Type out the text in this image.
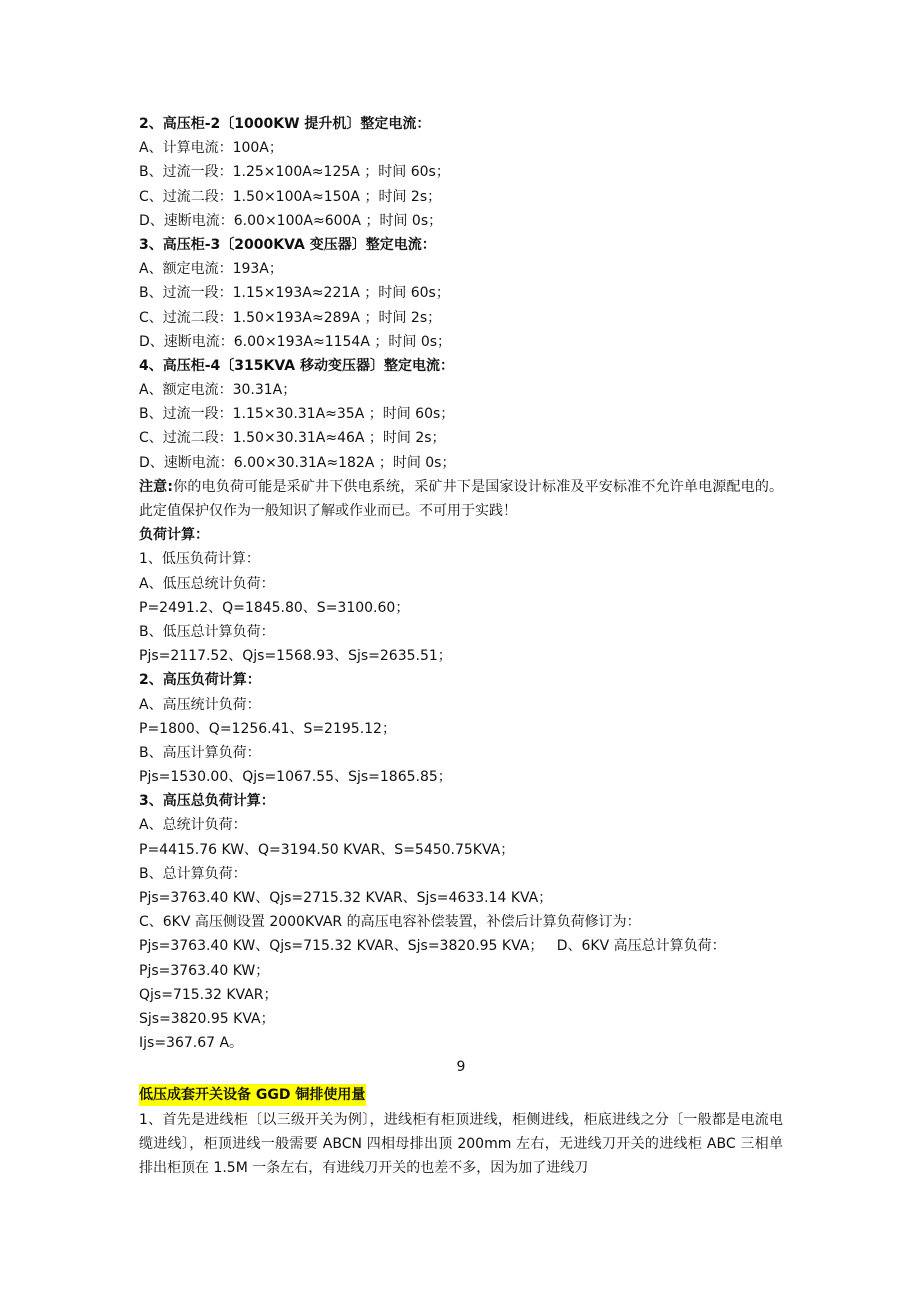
2、高压柜-2〔1000KW 提升机〕整定电流：
A、计算电流：100A；
B、过流一段：1.25×100A≈125A ；时间 60s；
C、过流二段：1.50×100A≈150A ；时间 2s；
D、速断电流：6.00×100A≈600A ；时间 0s；
3、高压柜-3〔2000KVA 变压器〕整定电流：
A、额定电流：193A；
B、过流一段：1.15×193A≈221A ；时间 60s；
C、过流二段：1.50×193A≈289A ；时间 2s；
D、速断电流：6.00×193A≈1154A ；时间 0s；
4、高压柜-4〔315KVA 移动变压器〕整定电流：
A、额定电流：30.31A；
B、过流一段：1.15×30.31A≈35A ；时间 60s；
C、过流二段：1.50×30.31A≈46A ；时间 2s；
D、速断电流：6.00×30.31A≈182A ；时间 0s；
注意:你的电负荷可能是采矿井下供电系统，采矿井下是国家设计标准及平安标准不允许单电源配电的。此定值保护仅作为一般知识了解或作业而已。不可用于实践！
负荷计算：
1、低压负荷计算：
A、低压总统计负荷：
P=2491.2、Q=1845.80、S=3100.60；
B、低压总计算负荷：
Pjs=2117.52、Qjs=1568.93、Sjs=2635.51；
2、高压负荷计算：
A、高压统计负荷：
P=1800、Q=1256.41、S=2195.12；
B、高压计算负荷：
Pjs=1530.00、Qjs=1067.55、Sjs=1865.85；
3、高压总负荷计算：
A、总统计负荷：
P=4415.76 KW、Q=3194.50 KVAR、S=5450.75KVA；
B、总计算负荷：
Pjs=3763.40 KW、Qjs=2715.32 KVAR、Sjs=4633.14 KVA；
C、6KV 高压侧设置 2000KVAR 的高压电容补偿装置，补偿后计算负荷修订为：
Pjs=3763.40 KW、Qjs=715.32 KVAR、Sjs=3820.95 KVA；   D、6KV 高压总计算负荷：
Pjs=3763.40 KW；
Qjs=715.32 KVAR；
Sjs=3820.95 KVA；
Ijs=367.67 A。
9
低压成套开关设备 GGD 铜排使用量
1、首先是进线柜〔以三级开关为例〕，进线柜有柜顶进线，柜侧进线，柜底进线之分〔一般都是电流电缆进线〕，柜顶进线一般需要 ABCN 四相母排出顶 200mm 左右，无进线刀开关的进线柜 ABC 三相单排出柜顶在 1.5M 一条左右，有进线刀开关的也差不多，因为加了进线刀
